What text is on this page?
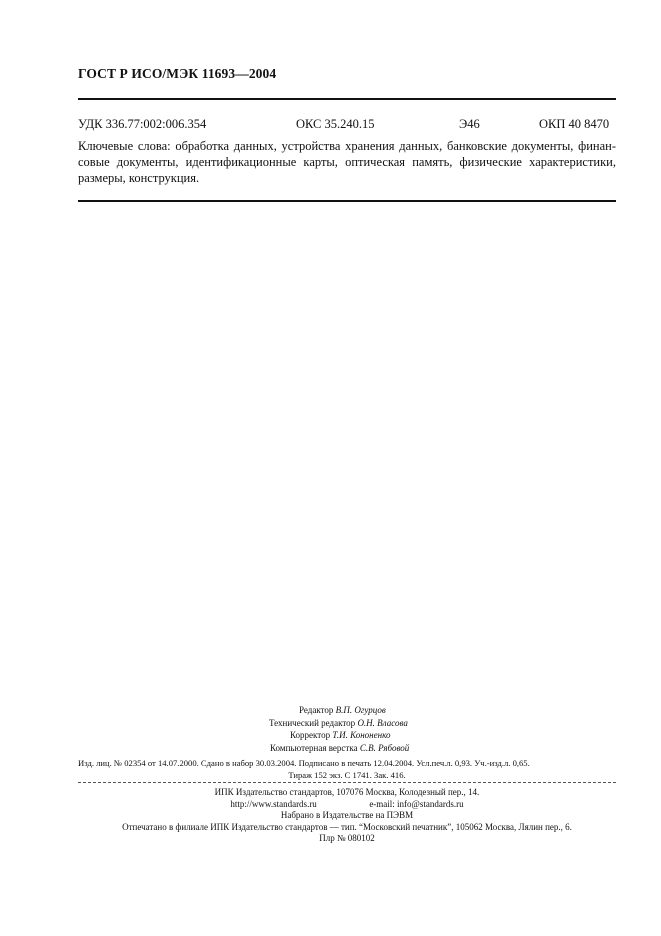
ГОСТ Р ИСО/МЭК 11693—2004
УДК 336.77:002:006.354	ОКС 35.240.15	Э46	ОКП 40 8470
Ключевые слова: обработка данных, устройства хранения данных, банковские документы, финан-
совые документы, идентификационные карты, оптическая память, физические характеристики,
размеры, конструкция.
Редактор В.П. Огурцов
Технический редактор О.Н. Власова
Корректор Т.И. Кононенко
Компьютерная верстка С.В. Рябовой
Изд. лиц. № 02354 от 14.07.2000. Сдано в набор 30.03.2004. Подписано в печать 12.04.2004. Усл.печ.л. 0,93. Уч.-изд.л. 0,65.
Тираж 152 экз. С 1741. Зак. 416.
ИПК Издательство стандартов, 107076 Москва, Колодезный пер., 14.
http://www.standards.ru	e-mail: info@standards.ru
Набрано в Издательстве на ПЭВМ
Отпечатано в филиале ИПК Издательство стандартов — тип. “Московский печатник”, 105062 Москва, Лялин пер., 6.
Плр № 080102
